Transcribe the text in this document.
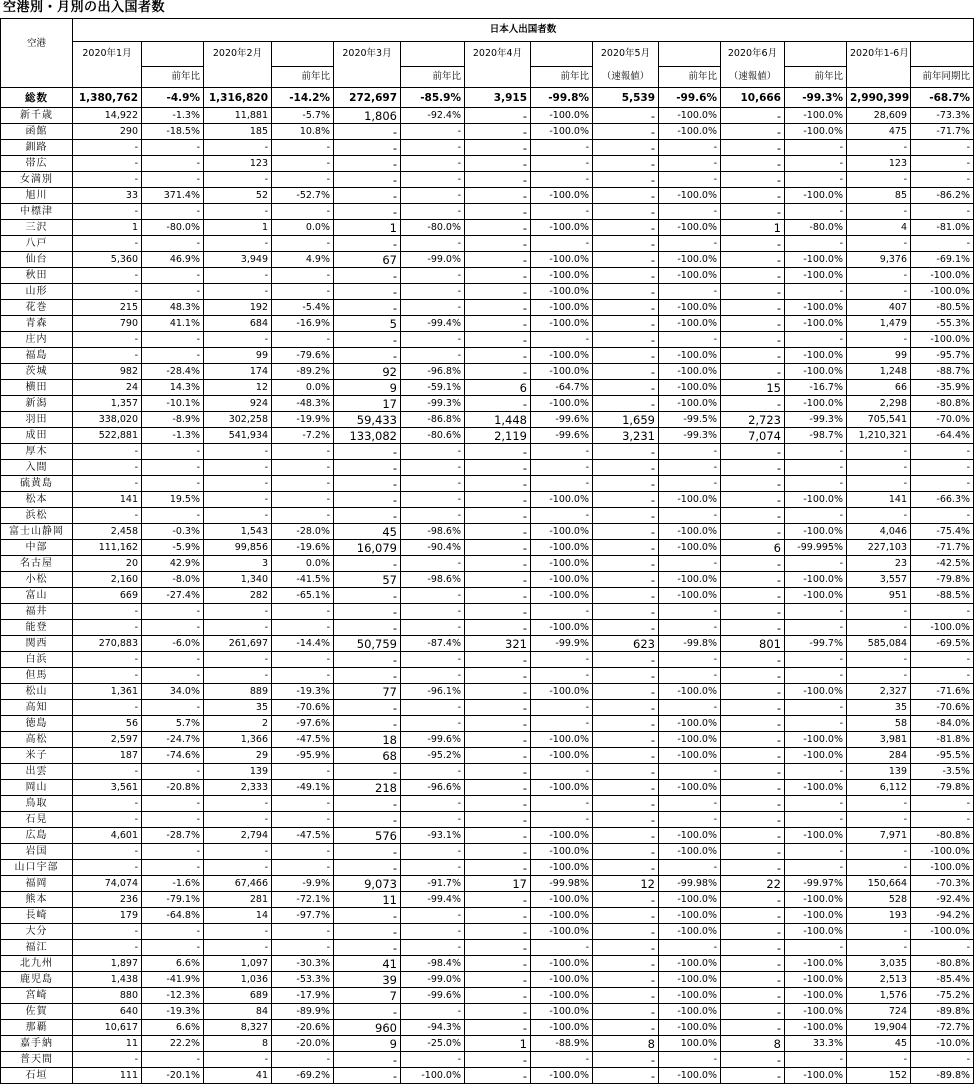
空港別・月別の出入国者数
空港	日本人出国者数													
	2020年1月		2020年2月		2020年3月		2020年4月		2020年5月		2020年6月		2020年1-6月	
		前年比		前年比		前年比		前年比	（速報値）	前年比	（速報値）	前年比		前年同期比
総数	1,380,762	-4.9%	1,316,820	-14.2%	272,697	-85.9%	3,915	-99.8%	5,539	-99.6%	10,666	-99.3%	2,990,399	-68.7%
新千歳	14,922	-1.3%	11,881	-5.7%	1,806	-92.4%	-	-100.0%	-	-100.0%	-	-100.0%	28,609	-73.3%
函館	290	-18.5%	185	10.8%	-	-	-	-100.0%	-	-100.0%	-	-100.0%	475	-71.7%
釧路	-	-	-	-	-	-	-	-	-	-	-	-	-	-
帯広	-	-	123	-	-	-	-	-	-	-	-	-	123	-
女満別	-	-	-	-	-	-	-	-	-	-	-	-	-	-
旭川	33	371.4%	52	-52.7%	-	-	-	-100.0%	-	-100.0%	-	-100.0%	85	-86.2%
中標津	-	-	-	-	-	-	-	-	-	-	-	-	-	-
三沢	1	-80.0%	1	0.0%	1	-80.0%	-	-100.0%	-	-100.0%	1	-80.0%	4	-81.0%
八戸	-	-	-	-	-	-	-	-	-	-	-	-	-	-
仙台	5,360	46.9%	3,949	4.9%	67	-99.0%	-	-100.0%	-	-100.0%	-	-100.0%	9,376	-69.1%
秋田	-	-	-	-	-	-	-	-100.0%	-	-100.0%	-	-100.0%	-	-100.0%
山形	-	-	-	-	-	-	-	-100.0%	-	-	-	-	-	-100.0%
花巻	215	48.3%	192	-5.4%	-	-	-	-100.0%	-	-100.0%	-	-100.0%	407	-80.5%
青森	790	41.1%	684	-16.9%	5	-99.4%	-	-100.0%	-	-100.0%	-	-100.0%	1,479	-55.3%
庄内	-	-	-	-	-	-	-	-	-	-	-	-	-	-100.0%
福島	-	-	99	-79.6%	-	-	-	-100.0%	-	-100.0%	-	-100.0%	99	-95.7%
茨城	982	-28.4%	174	-89.2%	92	-96.8%	-	-100.0%	-	-100.0%	-	-100.0%	1,248	-88.7%
横田	24	14.3%	12	0.0%	9	-59.1%	6	-64.7%	-	-100.0%	15	-16.7%	66	-35.9%
新潟	1,357	-10.1%	924	-48.3%	17	-99.3%	-	-100.0%	-	-100.0%	-	-100.0%	2,298	-80.8%
羽田	338,020	-8.9%	302,258	-19.9%	59,433	-86.8%	1,448	-99.6%	1,659	-99.5%	2,723	-99.3%	705,541	-70.0%
成田	522,881	-1.3%	541,934	-7.2%	133,082	-80.6%	2,119	-99.6%	3,231	-99.3%	7,074	-98.7%	1,210,321	-64.4%
厚木	-	-	-	-	-	-	-	-	-	-	-	-	-	-
入間	-	-	-	-	-	-	-	-	-	-	-	-	-	-
硫黄島	-	-	-	-	-	-	-	-	-	-	-	-	-	-
松本	141	19.5%	-	-	-	-	-	-100.0%	-	-100.0%	-	-100.0%	141	-66.3%
浜松	-	-	-	-	-	-	-	-	-	-	-	-	-	-
富士山静岡	2,458	-0.3%	1,543	-28.0%	45	-98.6%	-	-100.0%	-	-100.0%	-	-100.0%	4,046	-75.4%
中部	111,162	-5.9%	99,856	-19.6%	16,079	-90.4%	-	-100.0%	-	-100.0%	6	-99.995%	227,103	-71.7%
名古屋	20	42.9%	3	0.0%	-	-	-	-100.0%	-	-	-	-	23	-42.5%
小松	2,160	-8.0%	1,340	-41.5%	57	-98.6%	-	-100.0%	-	-100.0%	-	-100.0%	3,557	-79.8%
富山	669	-27.4%	282	-65.1%	-	-	-	-100.0%	-	-100.0%	-	-100.0%	951	-88.5%
福井	-	-	-	-	-	-	-	-	-	-	-	-	-	-
能登	-	-	-	-	-	-	-	-100.0%	-	-	-	-	-	-100.0%
関西	270,883	-6.0%	261,697	-14.4%	50,759	-87.4%	321	-99.9%	623	-99.8%	801	-99.7%	585,084	-69.5%
白浜	-	-	-	-	-	-	-	-	-	-	-	-	-	-
但馬	-	-	-	-	-	-	-	-	-	-	-	-	-	-
松山	1,361	34.0%	889	-19.3%	77	-96.1%	-	-100.0%	-	-100.0%	-	-100.0%	2,327	-71.6%
高知	-	-	35	-70.6%	-	-	-	-	-	-	-	-	35	-70.6%
徳島	56	5.7%	2	-97.6%	-	-	-	-	-	-100.0%	-	-	58	-84.0%
高松	2,597	-24.7%	1,366	-47.5%	18	-99.6%	-	-100.0%	-	-100.0%	-	-100.0%	3,981	-81.8%
米子	187	-74.6%	29	-95.9%	68	-95.2%	-	-100.0%	-	-100.0%	-	-100.0%	284	-95.5%
出雲	-	-	139	-	-	-	-	-	-	-	-	-	139	-3.5%
岡山	3,561	-20.8%	2,333	-49.1%	218	-96.6%	-	-100.0%	-	-100.0%	-	-100.0%	6,112	-79.8%
鳥取	-	-	-	-	-	-	-	-	-	-	-	-	-	-
石見	-	-	-	-	-	-	-	-	-	-	-	-	-	-
広島	4,601	-28.7%	2,794	-47.5%	576	-93.1%	-	-100.0%	-	-100.0%	-	-100.0%	7,971	-80.8%
岩国	-	-	-	-	-	-	-	-100.0%	-	-100.0%	-	-	-	-100.0%
山口宇部	-	-	-	-	-	-	-	-100.0%	-	-	-	-	-	-100.0%
福岡	74,074	-1.6%	67,466	-9.9%	9,073	-91.7%	17	-99.98%	12	-99.98%	22	-99.97%	150,664	-70.3%
熊本	236	-79.1%	281	-72.1%	11	-99.4%	-	-100.0%	-	-100.0%	-	-100.0%	528	-92.4%
長崎	179	-64.8%	14	-97.7%	-	-	-	-100.0%	-	-100.0%	-	-100.0%	193	-94.2%
大分	-	-	-	-	-	-	-	-100.0%	-	-100.0%	-	-100.0%	-	-100.0%
福江	-	-	-	-	-	-	-	-	-	-	-	-	-	-
北九州	1,897	6.6%	1,097	-30.3%	41	-98.4%	-	-100.0%	-	-100.0%	-	-100.0%	3,035	-80.8%
鹿児島	1,438	-41.9%	1,036	-53.3%	39	-99.0%	-	-100.0%	-	-100.0%	-	-100.0%	2,513	-85.4%
宮崎	880	-12.3%	689	-17.9%	7	-99.6%	-	-100.0%	-	-100.0%	-	-100.0%	1,576	-75.2%
佐賀	640	-19.3%	84	-89.9%	-	-	-	-100.0%	-	-100.0%	-	-100.0%	724	-89.8%
那覇	10,617	6.6%	8,327	-20.6%	960	-94.3%	-	-100.0%	-	-100.0%	-	-100.0%	19,904	-72.7%
嘉手納	11	22.2%	8	-20.0%	9	-25.0%	1	-88.9%	8	100.0%	8	33.3%	45	-10.0%
普天間	-	-	-	-	-	-	-	-	-	-	-	-	-	-
石垣	111	-20.1%	41	-69.2%	-	-100.0%	-	-100.0%	-	-100.0%	-	-100.0%	152	-89.8%
